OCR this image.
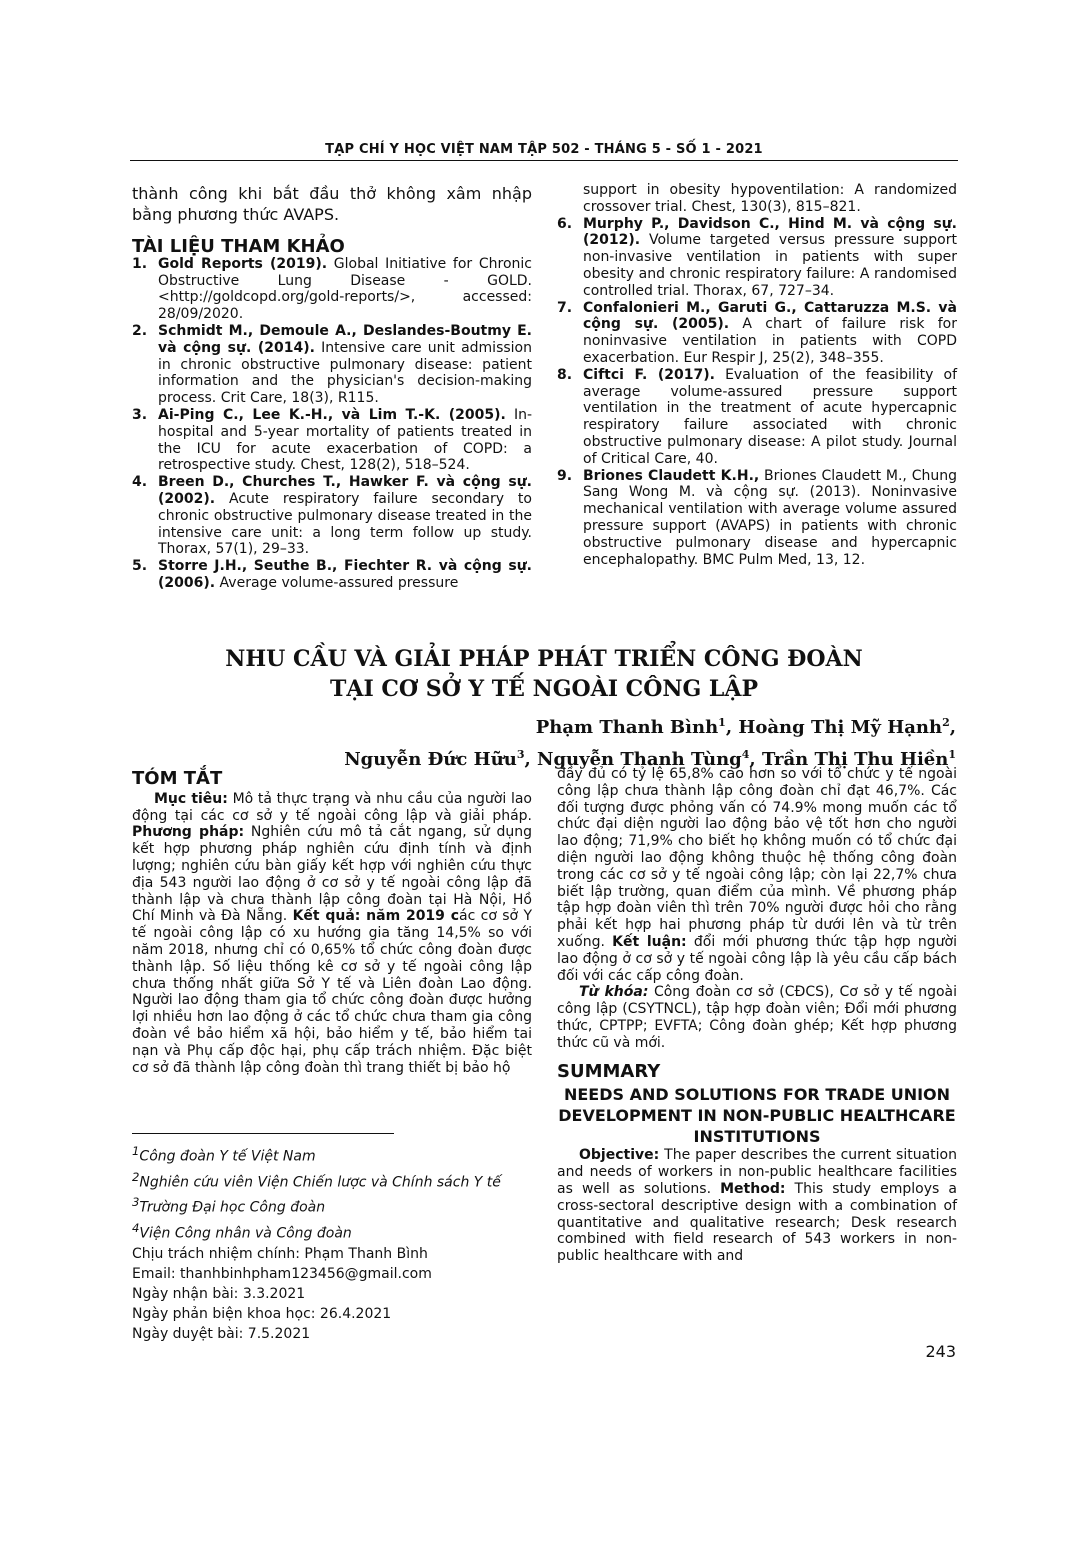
TẠP CHÍ Y HỌC VIỆT NAM TẬP 502 - THÁNG 5 - SỐ 1 - 2021
thành công khi bắt đầu thở không xâm nhập bằng phương thức AVAPS.
TÀI LIỆU THAM KHẢO
1. Gold Reports (2019). Global Initiative for Chronic Obstructive Lung Disease - GOLD. <http://goldcopd.org/gold-reports/>, accessed: 28/09/2020.
2. Schmidt M., Demoule A., Deslandes-Boutmy E. và cộng sự. (2014). Intensive care unit admission in chronic obstructive pulmonary disease: patient information and the physician's decision-making process. Crit Care, 18(3), R115.
3. Ai-Ping C., Lee K.-H., và Lim T.-K. (2005). In-hospital and 5-year mortality of patients treated in the ICU for acute exacerbation of COPD: a retrospective study. Chest, 128(2), 518–524.
4. Breen D., Churches T., Hawker F. và cộng sự. (2002). Acute respiratory failure secondary to chronic obstructive pulmonary disease treated in the intensive care unit: a long term follow up study. Thorax, 57(1), 29–33.
5. Storre J.H., Seuthe B., Fiechter R. và cộng sự. (2006). Average volume-assured pressure
support in obesity hypoventilation: A randomized crossover trial. Chest, 130(3), 815–821.
6. Murphy P., Davidson C., Hind M. và cộng sự. (2012). Volume targeted versus pressure support non-invasive ventilation in patients with super obesity and chronic respiratory failure: A randomised controlled trial. Thorax, 67, 727–34.
7. Confalonieri M., Garuti G., Cattaruzza M.S. và cộng sự. (2005). A chart of failure risk for noninvasive ventilation in patients with COPD exacerbation. Eur Respir J, 25(2), 348–355.
8. Ciftci F. (2017). Evaluation of the feasibility of average volume-assured pressure support ventilation in the treatment of acute hypercapnic respiratory failure associated with chronic obstructive pulmonary disease: A pilot study. Journal of Critical Care, 40.
9. Briones Claudett K.H., Briones Claudett M., Chung Sang Wong M. và cộng sự. (2013). Noninvasive mechanical ventilation with average volume assured pressure support (AVAPS) in patients with chronic obstructive pulmonary disease and hypercapnic encephalopathy. BMC Pulm Med, 13, 12.
NHU CẦU VÀ GIẢI PHÁP PHÁT TRIỂN CÔNG ĐOÀN
TẠI CƠ SỞ Y TẾ NGOÀI CÔNG LẬP
Phạm Thanh Bình$^1$, Hoàng Thị Mỹ Hạnh$^2$,
Nguyễn Đức Hữu$^3$, Nguyễn Thanh Tùng$^4$, Trần Thị Thu Hiền$^1$
TÓM TẮT

Mục tiêu: Mô tả thực trạng và nhu cầu của người lao động tại các cơ sở y tế ngoài công lập và giải pháp. Phương pháp: Nghiên cứu mô tả cắt ngang, sử dụng kết hợp phương pháp nghiên cứu định tính và định lượng; nghiên cứu bàn giấy kết hợp với nghiên cứu thực địa 543 người lao động ở cơ sở y tế ngoài công lập đã thành lập và chưa thành lập công đoàn tại Hà Nội, Hồ Chí Minh và Đà Nẵng. Kết quả: năm 2019 các cơ sở Y tế ngoài công lập có xu hướng gia tăng 14,5% so với năm 2018, nhưng chỉ có 0,65% tổ chức công đoàn được thành lập. Số liệu thống kê cơ sở y tế ngoài công lập chưa thống nhất giữa Sở Y tế và Liên đoàn Lao động. Người lao động tham gia tổ chức công đoàn được hưởng lợi nhiều hơn lao động ở các tổ chức chưa tham gia công đoàn về bảo hiểm xã hội, bảo hiểm y tế, bảo hiểm tai nạn và Phụ cấp độc hại, phụ cấp trách nhiệm. Đặc biệt cơ sở đã thành lập công đoàn thì trang thiết bị bảo hộ

$^1$Công đoàn Y tế Việt Nam
$^2$Nghiên cứu viên Viện Chiến lược và Chính sách Y tế
$^3$Trường Đại học Công đoàn
$^4$Viện Công nhân và Công đoàn
Chịu trách nhiệm chính: Phạm Thanh Bình
Email: thanhbinhpham123456@gmail.com
Ngày nhận bài: 3.3.2021
Ngày phản biện khoa học: 26.4.2021
Ngày duyệt bài: 7.5.2021

đầy đủ có tỷ lệ 65,8% cao hơn so với tổ chức y tế ngoài công lập chưa thành lập công đoàn chỉ đạt 46,7%. Các đối tượng được phỏng vấn có 74.9% mong muốn các tổ chức đại diện người lao động bảo vệ tốt hơn cho người lao động; 71,9% cho biết họ không muốn có tổ chức đại diện người lao động không thuộc hệ thống công đoàn trong các cơ sở y tế ngoài công lập; còn lại 22,7% chưa biết lập trường, quan điểm của mình. Về phương pháp tập hợp đoàn viên thì trên 70% người được hỏi cho rằng phải kết hợp hai phương pháp từ dưới lên và từ trên xuống. Kết luận: đổi mới phương thức tập hợp người lao động ở cơ sở y tế ngoài công lập là yêu cầu cấp bách đối với các cấp công đoàn.

Từ khóa: Công đoàn cơ sở (CĐCS), Cơ sở y tế ngoài công lập (CSYTNCL), tập hợp đoàn viên; Đổi mới phương thức, CPTPP; EVFTA; Công đoàn ghép; Kết hợp phương thức cũ và mới.

SUMMARY
NEEDS AND SOLUTIONS FOR TRADE UNION DEVELOPMENT IN NON-PUBLIC HEALTHCARE INSTITUTIONS

Objective: The paper describes the current situation and needs of workers in non-public healthcare facilities as well as solutions. Method: This study employs a cross-sectoral descriptive design with a combination of quantitative and qualitative research; Desk research combined with field research of 543 workers in non-public healthcare with and

243
